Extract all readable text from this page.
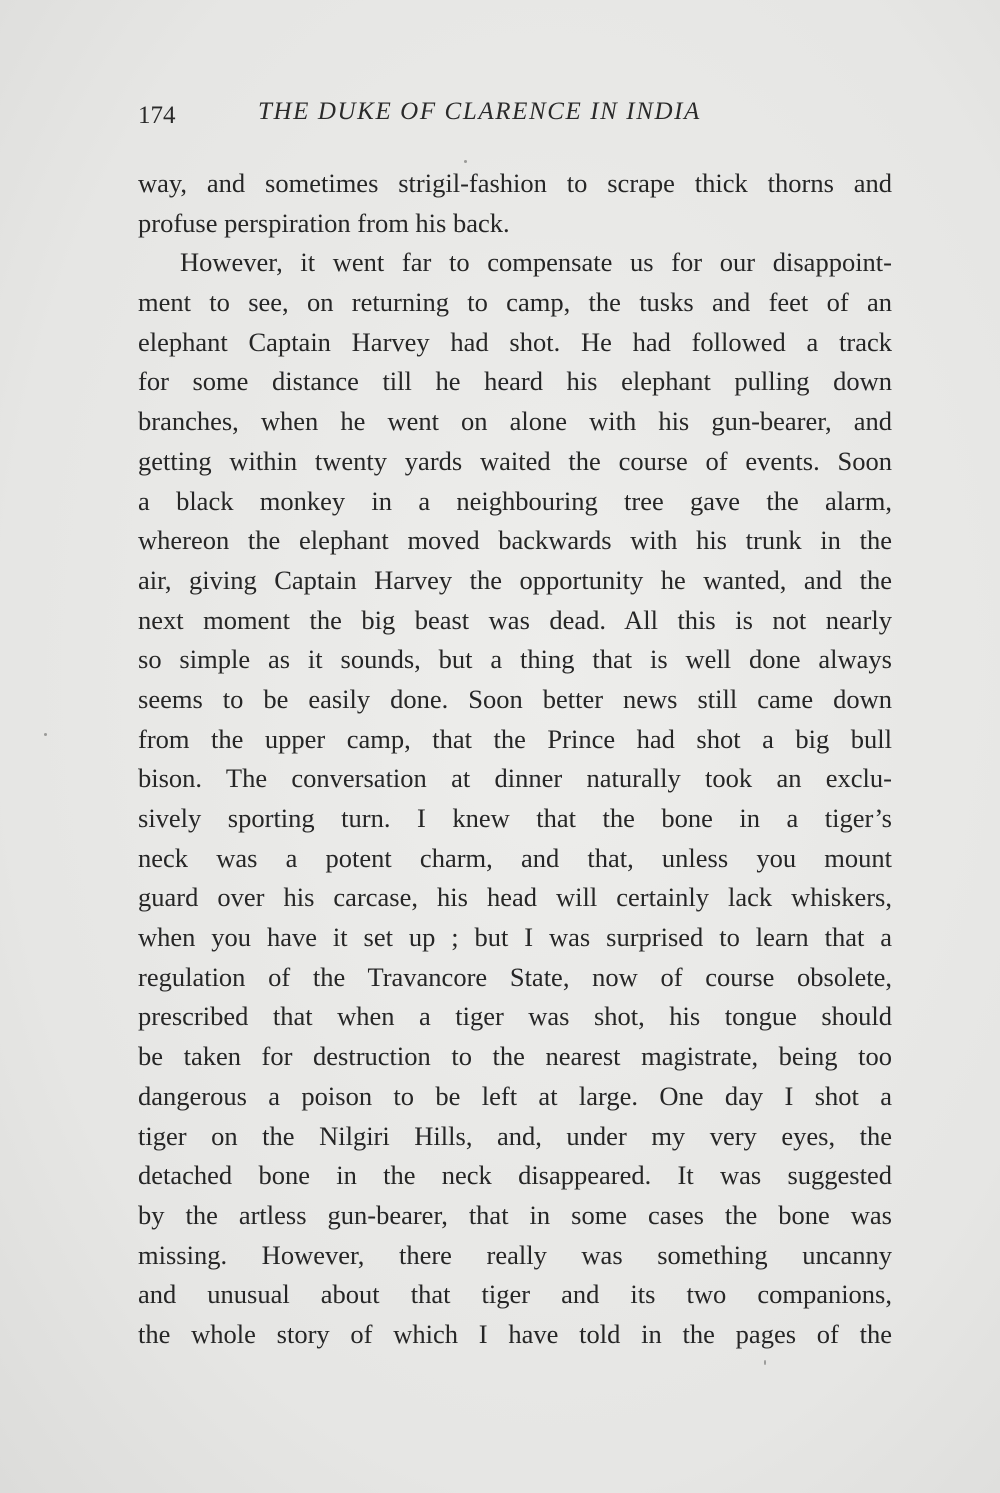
174	THE DUKE OF CLARENCE IN INDIA
way, and sometimes strigil-fashion to scrape thick thorns and
profuse perspiration from his back.
However, it went far to compensate us for our disappoint-
ment to see, on returning to camp, the tusks and feet of an
elephant Captain Harvey had shot. He had followed a track
for some distance till he heard his elephant pulling down
branches, when he went on alone with his gun-bearer, and
getting within twenty yards waited the course of events. Soon
a black monkey in a neighbouring tree gave the alarm,
whereon the elephant moved backwards with his trunk in the
air, giving Captain Harvey the opportunity he wanted, and the
next moment the big beast was dead. All this is not nearly
so simple as it sounds, but a thing that is well done always
seems to be easily done. Soon better news still came down
from the upper camp, that the Prince had shot a big bull
bison. The conversation at dinner naturally took an exclu-
sively sporting turn. I knew that the bone in a tiger’s
neck was a potent charm, and that, unless you mount
guard over his carcase, his head will certainly lack whiskers,
when you have it set up ; but I was surprised to learn that a
regulation of the Travancore State, now of course obsolete,
prescribed that when a tiger was shot, his tongue should
be taken for destruction to the nearest magistrate, being too
dangerous a poison to be left at large. One day I shot a
tiger on the Nilgiri Hills, and, under my very eyes, the
detached bone in the neck disappeared. It was suggested
by the artless gun-bearer, that in some cases the bone was
missing. However, there really was something uncanny
and unusual about that tiger and its two companions,
the whole story of which I have told in the pages of the
